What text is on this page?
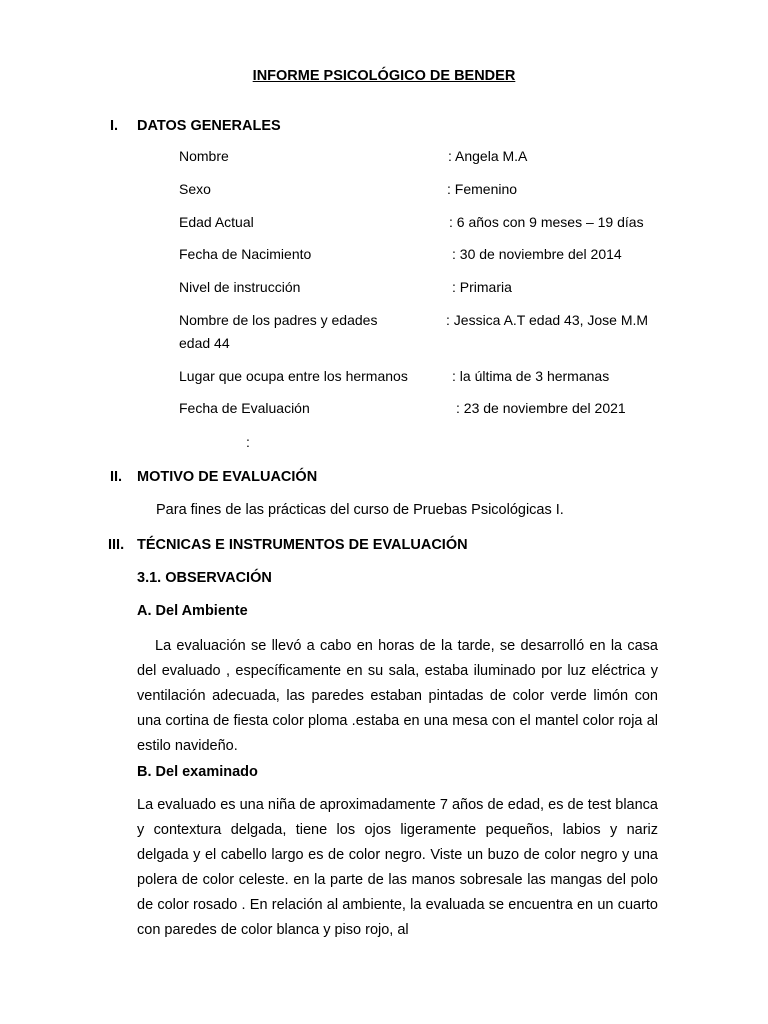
INFORME PSICOLÓGICO DE BENDER
I. DATOS GENERALES
Nombre	: Angela M.A
Sexo	: Femenino
Edad Actual	: 6 años con 9 meses – 19 días
Fecha de Nacimiento	: 30 de noviembre del 2014
Nivel de instrucción	: Primaria
Nombre de los padres y edades	: Jessica A.T edad 43, Jose M.M
edad 44
Lugar que ocupa entre los hermanos	: la última de 3 hermanas
Fecha de Evaluación	: 23 de noviembre del 2021
:
II. MOTIVO DE EVALUACIÓN
Para fines de las prácticas del curso de Pruebas Psicológicas I.
III. TÉCNICAS E INSTRUMENTOS DE EVALUACIÓN
3.1. OBSERVACIÓN
A. Del Ambiente
La evaluación se llevó a cabo en horas de la tarde, se desarrolló en la casa del evaluado , específicamente en su sala, estaba iluminado por luz eléctrica y ventilación adecuada, las paredes estaban pintadas de color verde limón con una cortina de fiesta color ploma .estaba en una mesa con el mantel color roja al estilo navideño.
B. Del examinado
La evaluado es una niña de aproximadamente 7 años de edad, es de test blanca y contextura delgada, tiene los ojos ligeramente pequeños, labios y nariz delgada y el cabello largo es de color negro. Viste un buzo de color negro y una polera de color celeste. en la parte de las manos sobresale las mangas del polo de color rosado . En relación al ambiente, la evaluada se encuentra en un cuarto con paredes de color blanca y piso rojo, al
